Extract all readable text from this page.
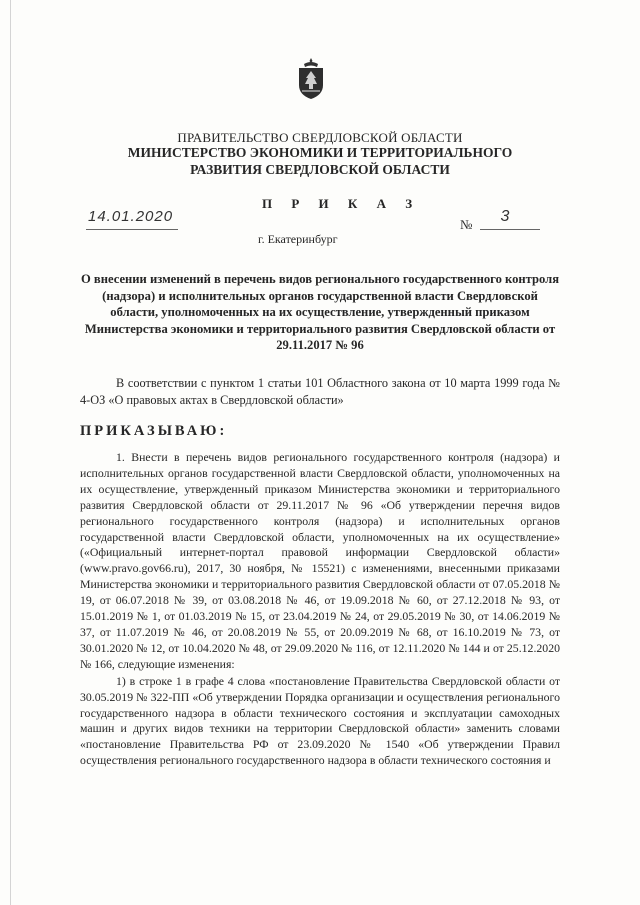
ПРАВИТЕЛЬСТВО СВЕРДЛОВСКОЙ ОБЛАСТИ
МИНИСТЕРСТВО ЭКОНОМИКИ И ТЕРРИТОРИАЛЬНОГО
РАЗВИТИЯ СВЕРДЛОВСКОЙ ОБЛАСТИ
П Р И К А З
14.01.2020	№	3
г. Екатеринбург
О внесении изменений в перечень видов регионального государственного контроля (надзора) и исполнительных органов государственной власти Свердловской области, уполномоченных на их осуществление, утвержденный приказом Министерства экономики и территориального развития Свердловской области от 29.11.2017 № 96

В соответствии с пунктом 1 статьи 101 Областного закона от 10 марта 1999 года № 4-ОЗ «О правовых актах в Свердловской области»

ПРИКАЗЫВАЮ:

1. Внести в перечень видов регионального государственного контроля (надзора) и исполнительных органов государственной власти Свердловской области, уполномоченных на их осуществление, утвержденный приказом Министерства экономики и территориального развития Свердловской области от 29.11.2017 № 96 «Об утверждении перечня видов регионального государственного контроля (надзора) и исполнительных органов государственной власти Свердловской области, уполномоченных на их осуществление» («Официальный интернет-портал правовой информации Свердловской области» (www.pravo.gov66.ru), 2017, 30 ноября, № 15521) с изменениями, внесенными приказами Министерства экономики и территориального развития Свердловской области от 07.05.2018 № 19, от 06.07.2018 № 39, от 03.08.2018 № 46, от 19.09.2018 № 60, от 27.12.2018 № 93, от 15.01.2019 № 1, от 01.03.2019 № 15, от 23.04.2019 № 24, от 29.05.2019 № 30, от 14.06.2019 № 37, от 11.07.2019 № 46, от 20.08.2019 № 55, от 20.09.2019 № 68, от 16.10.2019 № 73, от 30.01.2020 № 12, от 10.04.2020 № 48, от 29.09.2020 № 116, от 12.11.2020 № 144 и от 25.12.2020 № 166, следующие изменения:

1) в строке 1 в графе 4 слова «постановление Правительства Свердловской области от 30.05.2019 № 322-ПП «Об утверждении Порядка организации и осуществления регионального государственного надзора в области технического состояния и эксплуатации самоходных машин и других видов техники на территории Свердловской области» заменить словами «постановление Правительства РФ от 23.09.2020 № 1540 «Об утверждении Правил осуществления регионального государственного надзора в области технического состояния и
